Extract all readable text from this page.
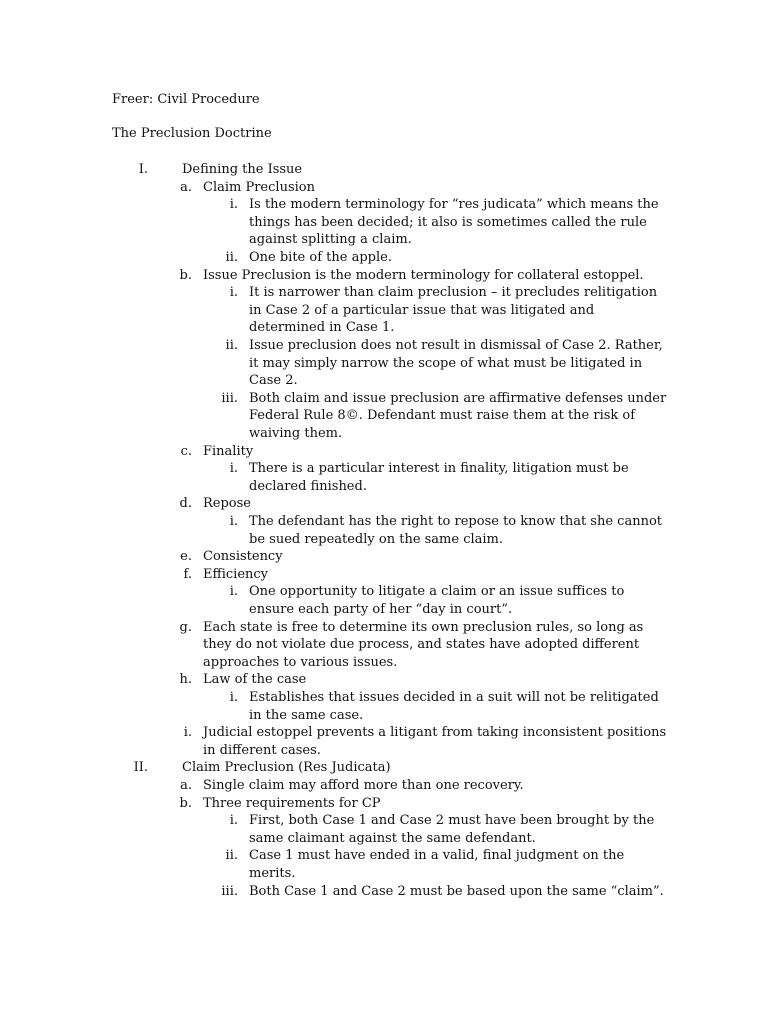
Freer: Civil Procedure
The Preclusion Doctrine
I.	Defining the Issue
a. Claim Preclusion
i. Is the modern terminology for “res judicata” which means the
things has been decided; it also is sometimes called the rule
against splitting a claim.
ii. One bite of the apple.
b. Issue Preclusion is the modern terminology for collateral estoppel.
i. It is narrower than claim preclusion – it precludes relitigation
in Case 2 of a particular issue that was litigated and
determined in Case 1.
ii. Issue preclusion does not result in dismissal of Case 2. Rather,
it may simply narrow the scope of what must be litigated in
Case 2.
iii. Both claim and issue preclusion are affirmative defenses under
Federal Rule 8©. Defendant must raise them at the risk of
waiving them.
c. Finality
i. There is a particular interest in finality, litigation must be
declared finished.
d. Repose
i. The defendant has the right to repose to know that she cannot
be sued repeatedly on the same claim.
e. Consistency
f. Efficiency
i. One opportunity to litigate a claim or an issue suffices to
ensure each party of her “day in court”.
g. Each state is free to determine its own preclusion rules, so long as
they do not violate due process, and states have adopted different
approaches to various issues.
h. Law of the case
i. Establishes that issues decided in a suit will not be relitigated
in the same case.
i. Judicial estoppel prevents a litigant from taking inconsistent positions
in different cases.
II.	Claim Preclusion (Res Judicata)
a. Single claim may afford more than one recovery.
b. Three requirements for CP
i. First, both Case 1 and Case 2 must have been brought by the
same claimant against the same defendant.
ii. Case 1 must have ended in a valid, final judgment on the
merits.
iii. Both Case 1 and Case 2 must be based upon the same “claim”.
